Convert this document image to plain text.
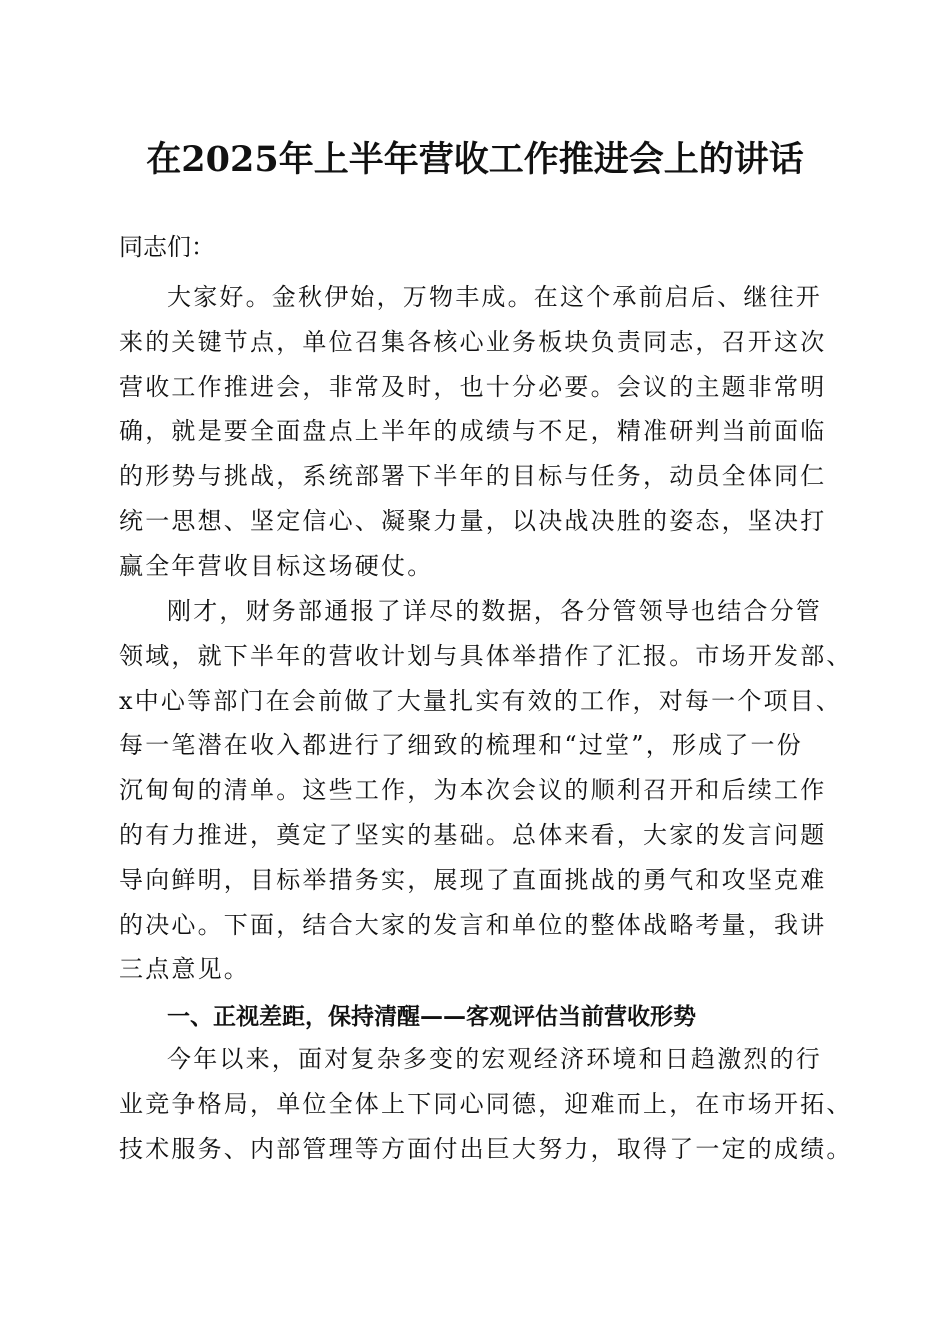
在2025年上半年营收工作推进会上的讲话
同志们：
大家好。金秋伊始，万物丰成。在这个承前启后、继往开
来的关键节点，单位召集各核心业务板块负责同志，召开这次
营收工作推进会，非常及时，也十分必要。会议的主题非常明
确，就是要全面盘点上半年的成绩与不足，精准研判当前面临
的形势与挑战，系统部署下半年的目标与任务，动员全体同仁
统一思想、坚定信心、凝聚力量，以决战决胜的姿态，坚决打
赢全年营收目标这场硬仗。
刚才，财务部通报了详尽的数据，各分管领导也结合分管
领域，就下半年的营收计划与具体举措作了汇报。市场开发部、
x中心等部门在会前做了大量扎实有效的工作，对每一个项目、
每一笔潜在收入都进行了细致的梳理和“过堂”，形成了一份
沉甸甸的清单。这些工作，为本次会议的顺利召开和后续工作
的有力推进，奠定了坚实的基础。总体来看，大家的发言问题
导向鲜明，目标举措务实，展现了直面挑战的勇气和攻坚克难
的决心。下面，结合大家的发言和单位的整体战略考量，我讲
三点意见。
一、正视差距，保持清醒——客观评估当前营收形势
今年以来，面对复杂多变的宏观经济环境和日趋激烈的行
业竞争格局，单位全体上下同心同德，迎难而上，在市场开拓、
技术服务、内部管理等方面付出巨大努力，取得了一定的成绩。
